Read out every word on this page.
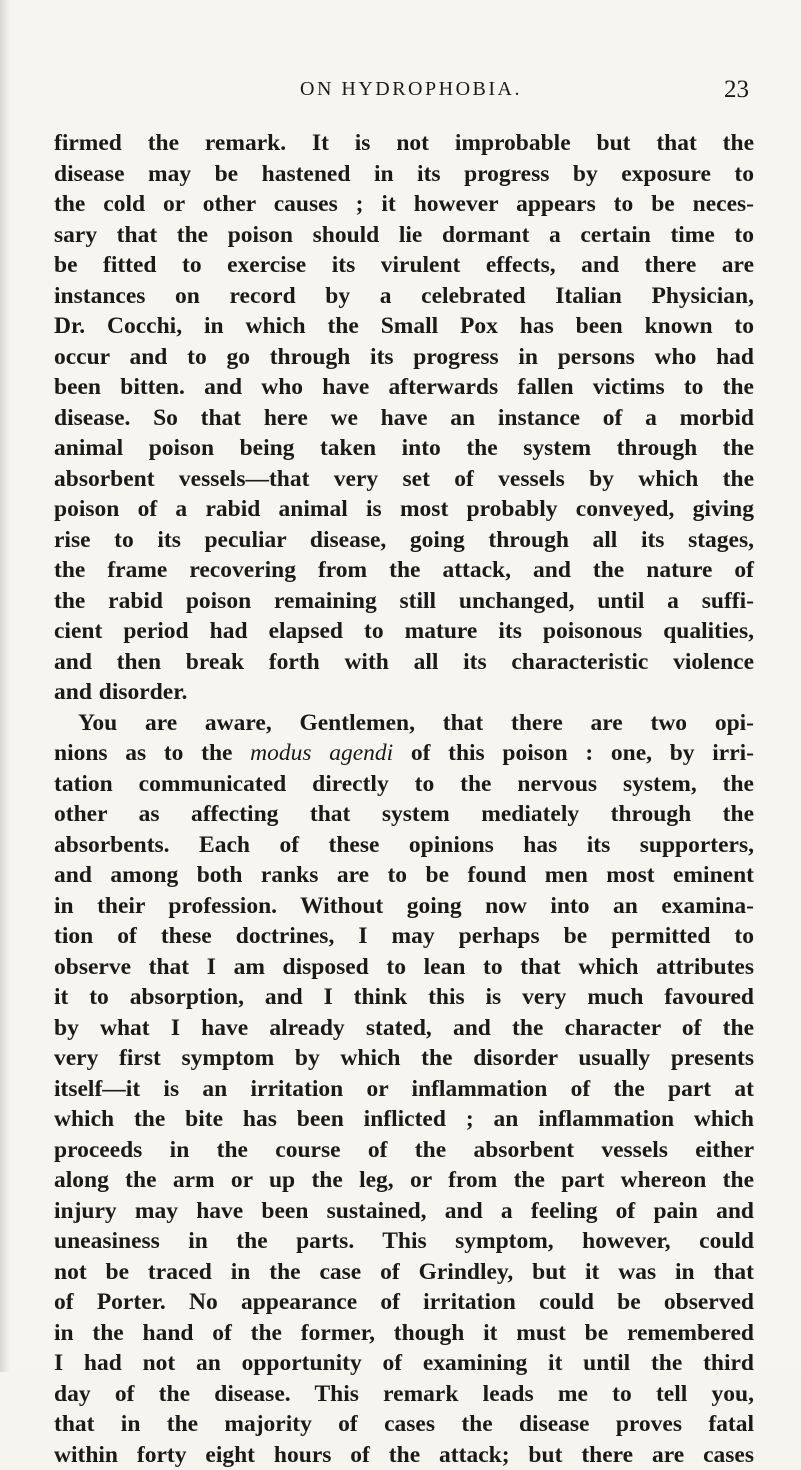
ON HYDROPHOBIA.	23
firmed the remark. It is not improbable but that the
disease may be hastened in its progress by exposure to
the cold or other causes ; it however appears to be neces-
sary that the poison should lie dormant a certain time to
be fitted to exercise its virulent effects, and there are
instances on record by a celebrated Italian Physician,
Dr. Cocchi, in which the Small Pox has been known to
occur and to go through its progress in persons who had
been bitten. and who have afterwards fallen victims to the
disease. So that here we have an instance of a morbid
animal poison being taken into the system through the
absorbent vessels—that very set of vessels by which the
poison of a rabid animal is most probably conveyed, giving
rise to its peculiar disease, going through all its stages,
the frame recovering from the attack, and the nature of
the rabid poison remaining still unchanged, until a suffi-
cient period had elapsed to mature its poisonous qualities,
and then break forth with all its characteristic violence
and disorder.
You are aware, Gentlemen, that there are two opi-
nions as to the modus agendi of this poison : one, by irri-
tation communicated directly to the nervous system, the
other as affecting that system mediately through the
absorbents. Each of these opinions has its supporters,
and among both ranks are to be found men most eminent
in their profession. Without going now into an examina-
tion of these doctrines, I may perhaps be permitted to
observe that I am disposed to lean to that which attributes
it to absorption, and I think this is very much favoured
by what I have already stated, and the character of the
very first symptom by which the disorder usually presents
itself—it is an irritation or inflammation of the part at
which the bite has been inflicted ; an inflammation which
proceeds in the course of the absorbent vessels either
along the arm or up the leg, or from the part whereon the
injury may have been sustained, and a feeling of pain and
uneasiness in the parts. This symptom, however, could
not be traced in the case of Grindley, but it was in that
of Porter. No appearance of irritation could be observed
in the hand of the former, though it must be remembered
I had not an opportunity of examining it until the third
day of the disease. This remark leads me to tell you,
that in the majority of cases the disease proves fatal
within forty eight hours of the attack; but there are cases
